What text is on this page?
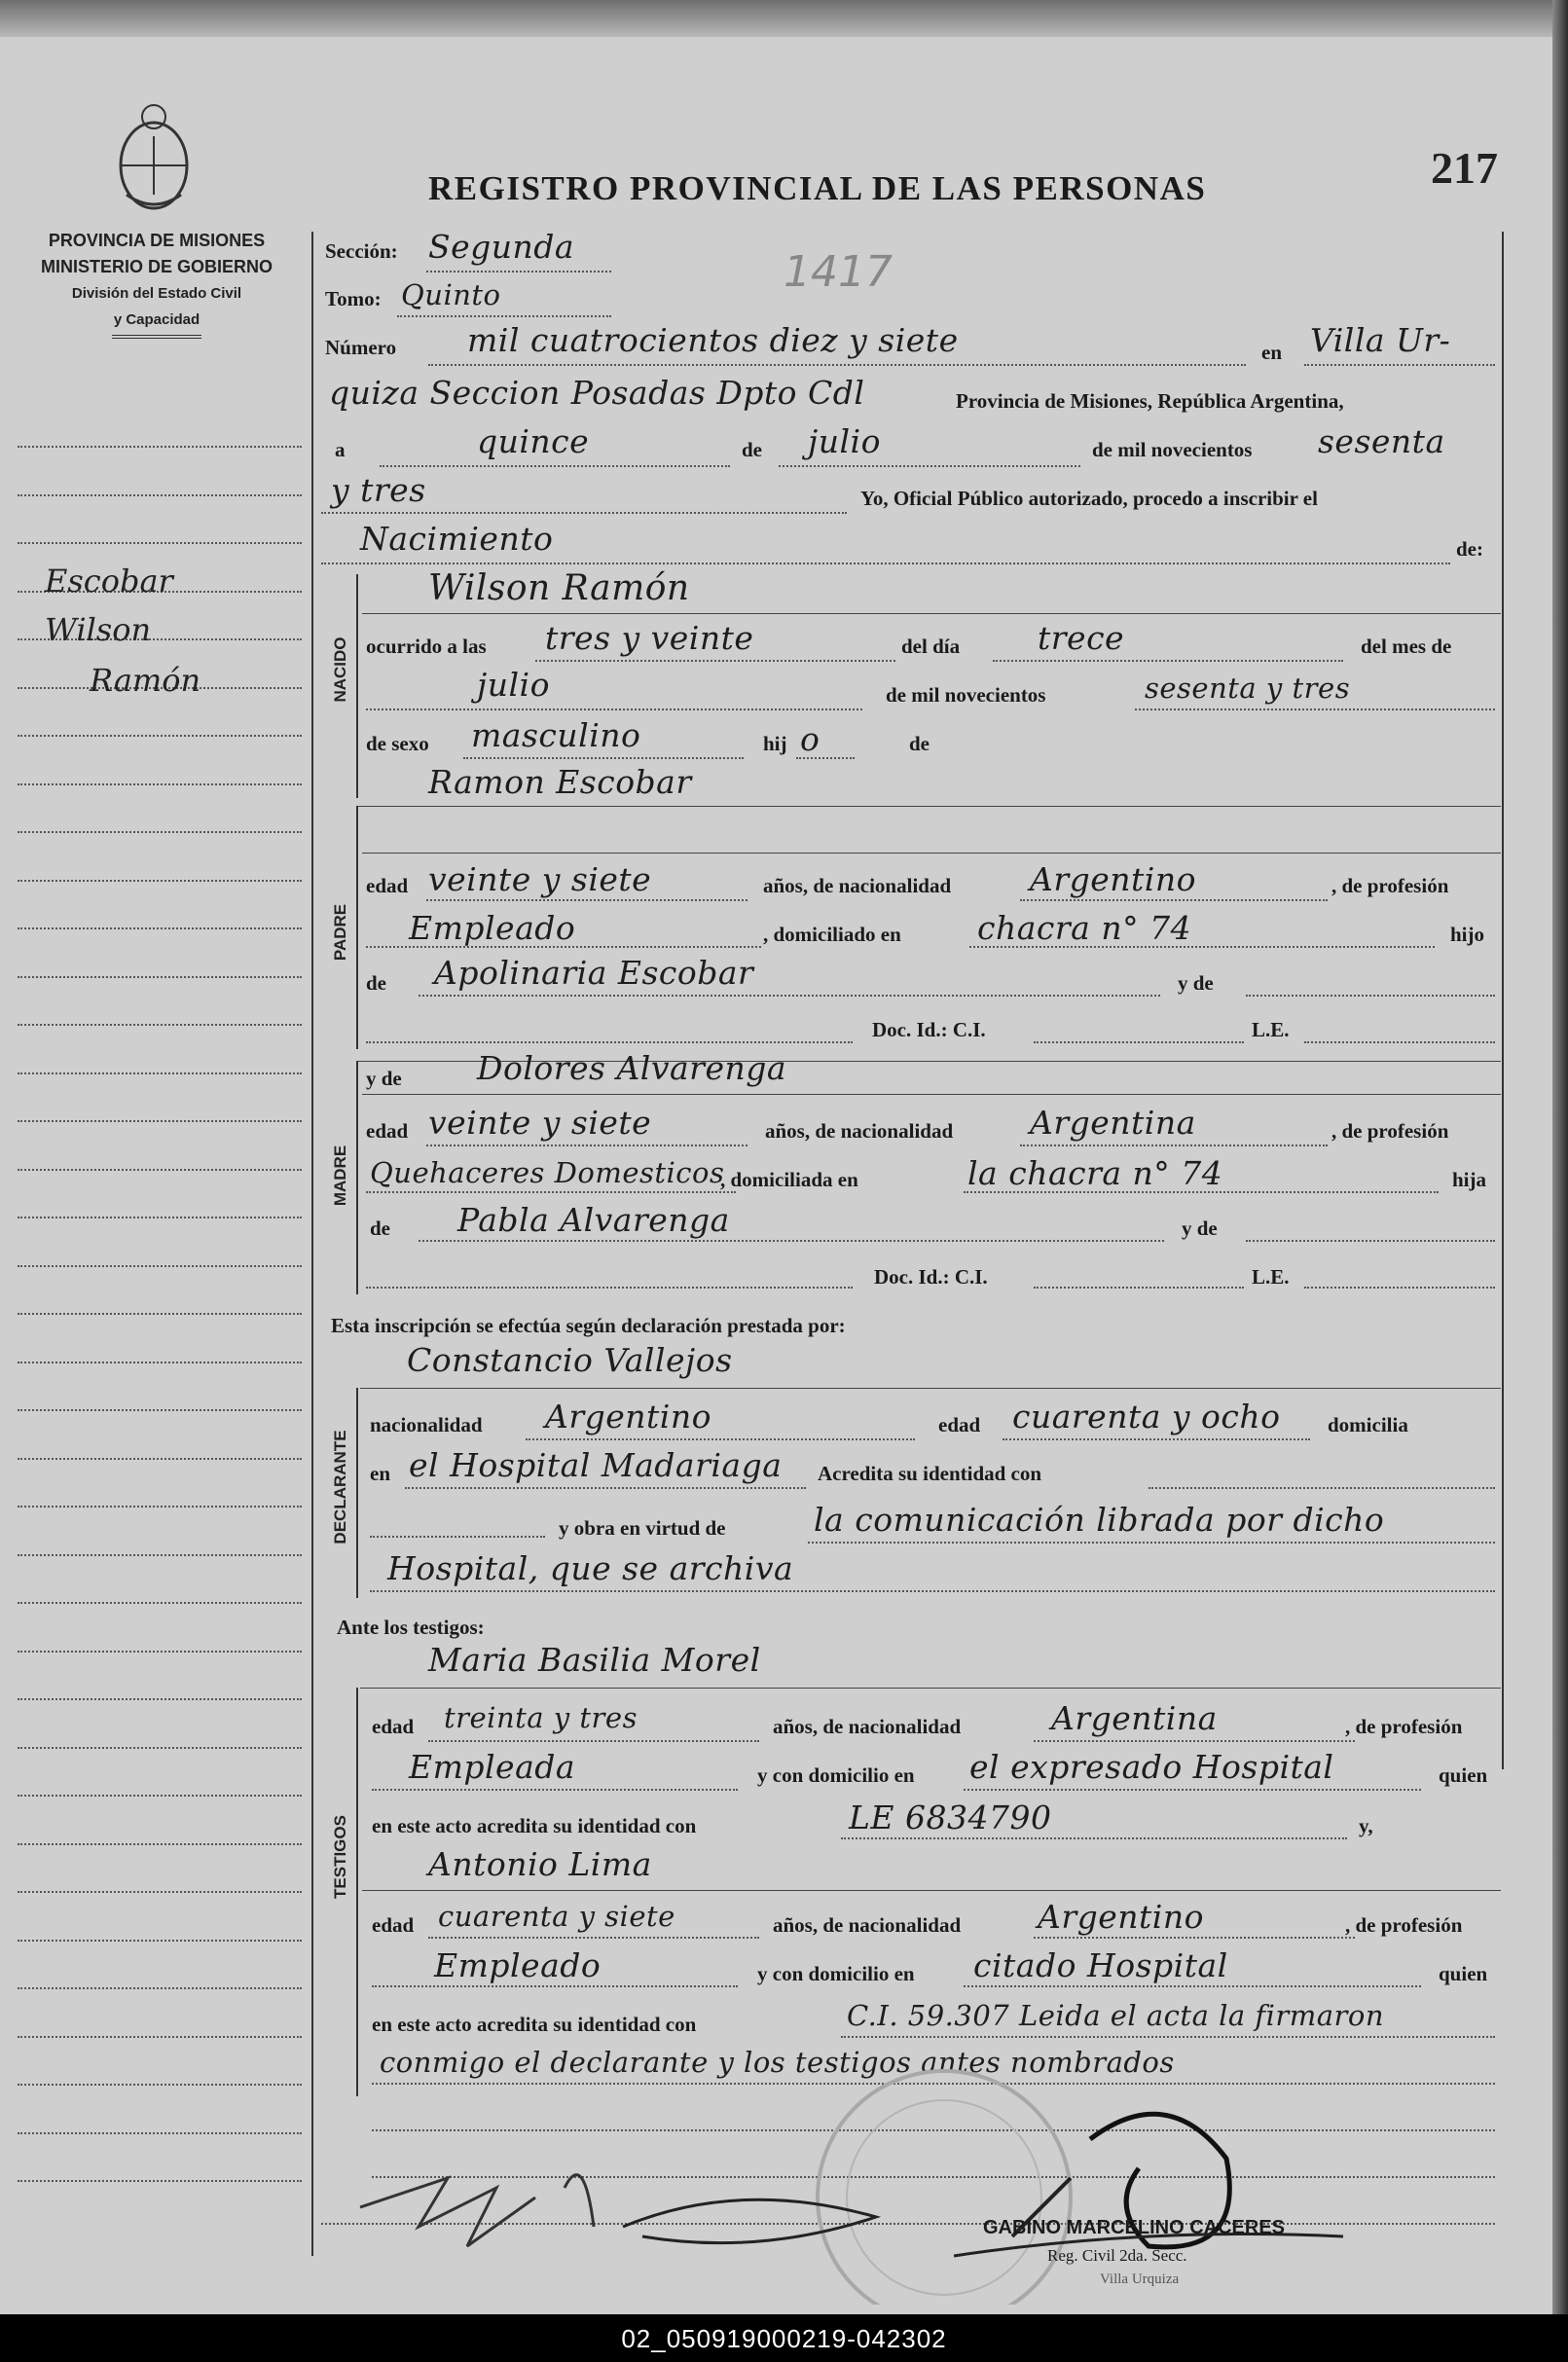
PROVINCIA DE MISIONES
MINISTERIO DE GOBIERNO
División del Estado Civil
y Capacidad
REGISTRO PROVINCIAL DE LAS PERSONAS	217
1417
Escobar
Wilson
Ramón
Sección: Segunda
Tomo: Quinto
Número mil cuatrocientos diez y siete	en Villa Ur-
quiza Seccion Posadas Dpto Cdl	Provincia de Misiones, República Argentina,
a	quince	de julio	de mil novecientos sesenta
y tres	Yo, Oficial Público autorizado, procedo a inscribir el
Nacimiento	de:
NACIDO
Wilson Ramón
ocurrido a las tres y veinte	del día trece	del mes de
julio	de mil novecientos	sesenta y tres
de sexo masculino	hij o	de
PADRE
Ramon Escobar
edad veinte y siete	años, de nacionalidad Argentino	, de profesión
Empleado	, domiciliado en chacra n° 74	hijo
de Apolinaria Escobar	y de
Doc. Id.: C.I.	L.E.
MADRE
y de Dolores Alvarenga
edad veinte y siete	años, de nacionalidad Argentina	, de profesión
Quehaceres Domesticos
, domiciliada en	la chacra n° 74	hija
de Pabla Alvarenga	y de
Doc. Id.: C.I.	L.E.
Esta inscripción se efectúa según declaración prestada por:
Constancio Vallejos
DECLARANTE
nacionalidad Argentino	edad cuarenta y ocho domicilia
en el Hospital Madariaga Acredita su identidad con
y obra en virtud de	la comunicación librada por dicho
Hospital, que se archiva
Ante los testigos:
Maria Basilia Morel
TESTIGOS
edad treinta y tres	años, de nacionalidad	Argentina	, de profesión
Empleada	y con domicilio en el expresado Hospital	quien
en este acto acredita su identidad con	LE 6834790	y,
Antonio Lima
edad cuarenta y siete	años, de nacionalidad Argentino	, de profesión
Empleado	y con domicilio en citado Hospital	quien
en este acto acredita su identidad con	C.I. 59.307 Leida el acta la firmaron
conmigo el declarante y los testigos antes nombrados
GABINO MARCELINO CACERES
Reg. Civil 2da. Secc.
Villa Urquiza
02_050919000219-042302
